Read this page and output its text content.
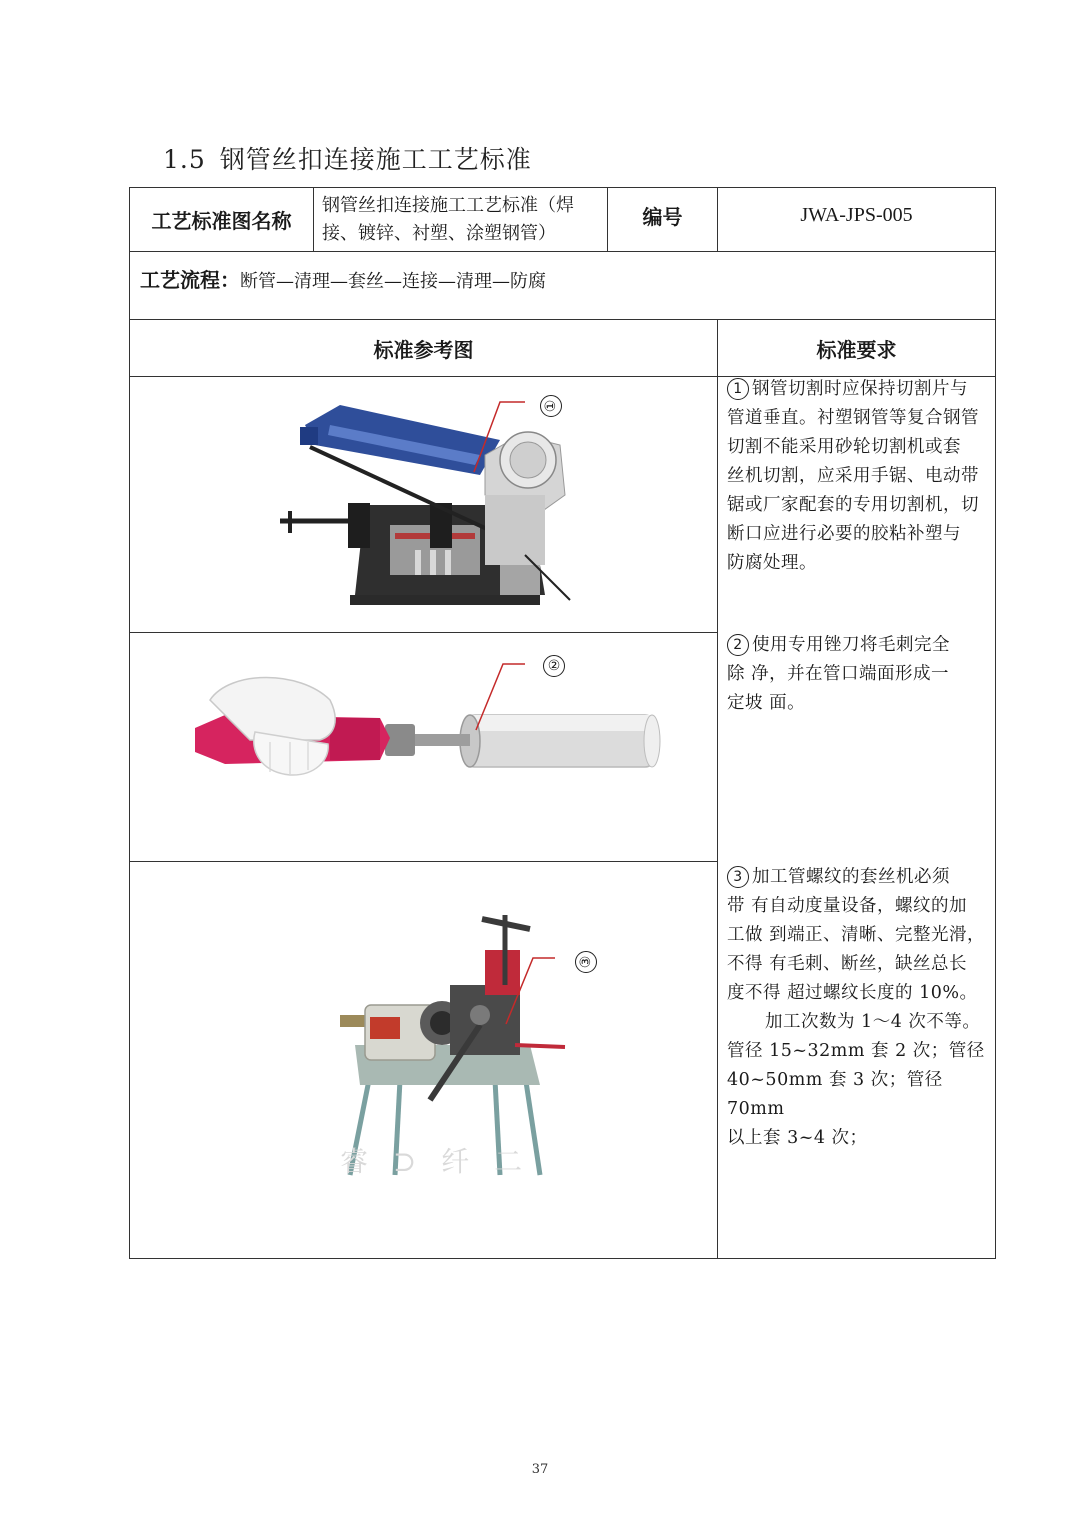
1.5 钢管丝扣连接施工工艺标准
工艺标准图名称
钢管丝扣连接施工工艺标准（焊
接、镀锌、衬塑、涂塑钢管）
编号	JWA-JPS-005
工艺流程：断管—清理—套丝—连接—清理—防腐
标准参考图	标准要求
①
②
③
睿 ⊃ 纤 二
1 钢管切割时应保持切割片与
管道垂直。衬塑钢管等复合钢管
切割不能采用砂轮切割机或套
丝机切割，应采用手锯、电动带
锯或厂家配套的专用切割机，切
断口应进行必要的胶粘补塑与
防腐处理。
2 使用专用锉刀将毛刺完全
除 净，并在管口端面形成一
定坡 面。
3 加工管螺纹的套丝机必须
带 有自动度量设备，螺纹的加
工做 到端正、清晰、完整光滑，
不得 有毛刺、断丝，缺丝总长
度不得 超过螺纹长度的 10%。
加工次数为 1～4 次不等。
管径 15~32mm 套 2 次；管径
40~50mm 套 3 次；管径 70mm
以上套 3~4 次；
37
